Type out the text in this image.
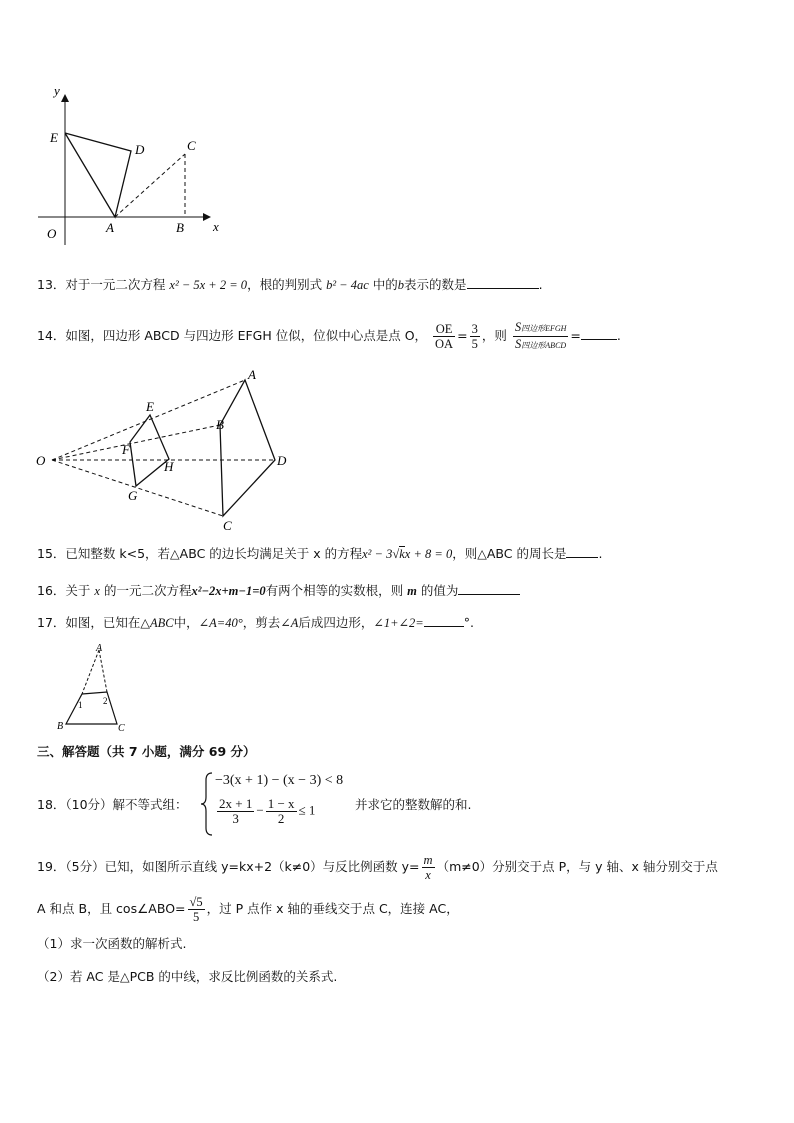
y
x
O
E
D	C
A	B
13．对于一元二次方程 x² − 5x + 2 = 0，根的判别式 b² − 4ac 中的b表示的数是	.
14．如图，四边形 ABCD 与四边形 EFGH 位似，位似中心点是点 O， $\frac{OE}{OA} = \frac{3}{5}$ ，则 $\frac{\text{S四边形EFGH}}{\text{S四边形ABCD}}$ =	.
O
E
F
G
H
A
B
C
D
15．已知整数 k<5，若△ABC 的边长均满足关于 x 的方程x² − 3√kx + 8 = 0，则△ABC 的周长是	.
16．关于 x 的一元二次方程x²−2x+m−1=0有两个相等的实数根，则 m 的值为
17．如图，已知在△ABC中，∠A=40°，剪去∠A后成四边形，∠1+∠2=	°.
A
B	C
1 2
三、解答题（共 7 小题，满分 69 分）
18．（10分）解不等式组：
−3(x + 1) − (x − 3) < 8
$\frac{2x + 1}{3} - \frac{1 - x}{2} \le 1$	并求它的整数解的和.
19．（5分）已知，如图所示直线 y=kx+2（k≠0）与反比例函数 $y= \frac{m}{x} (m\ne 0)$分别交于点 P，与 y 轴、x 轴分别交于点
A 和点 B，且 cos∠ABO= $\frac{√5}{5}$ ，过 P 点作 x 轴的垂线交于点 C，连接 AC，
（1）求一次函数的解析式.
（2）若 AC 是△PCB 的中线，求反比例函数的关系式.
